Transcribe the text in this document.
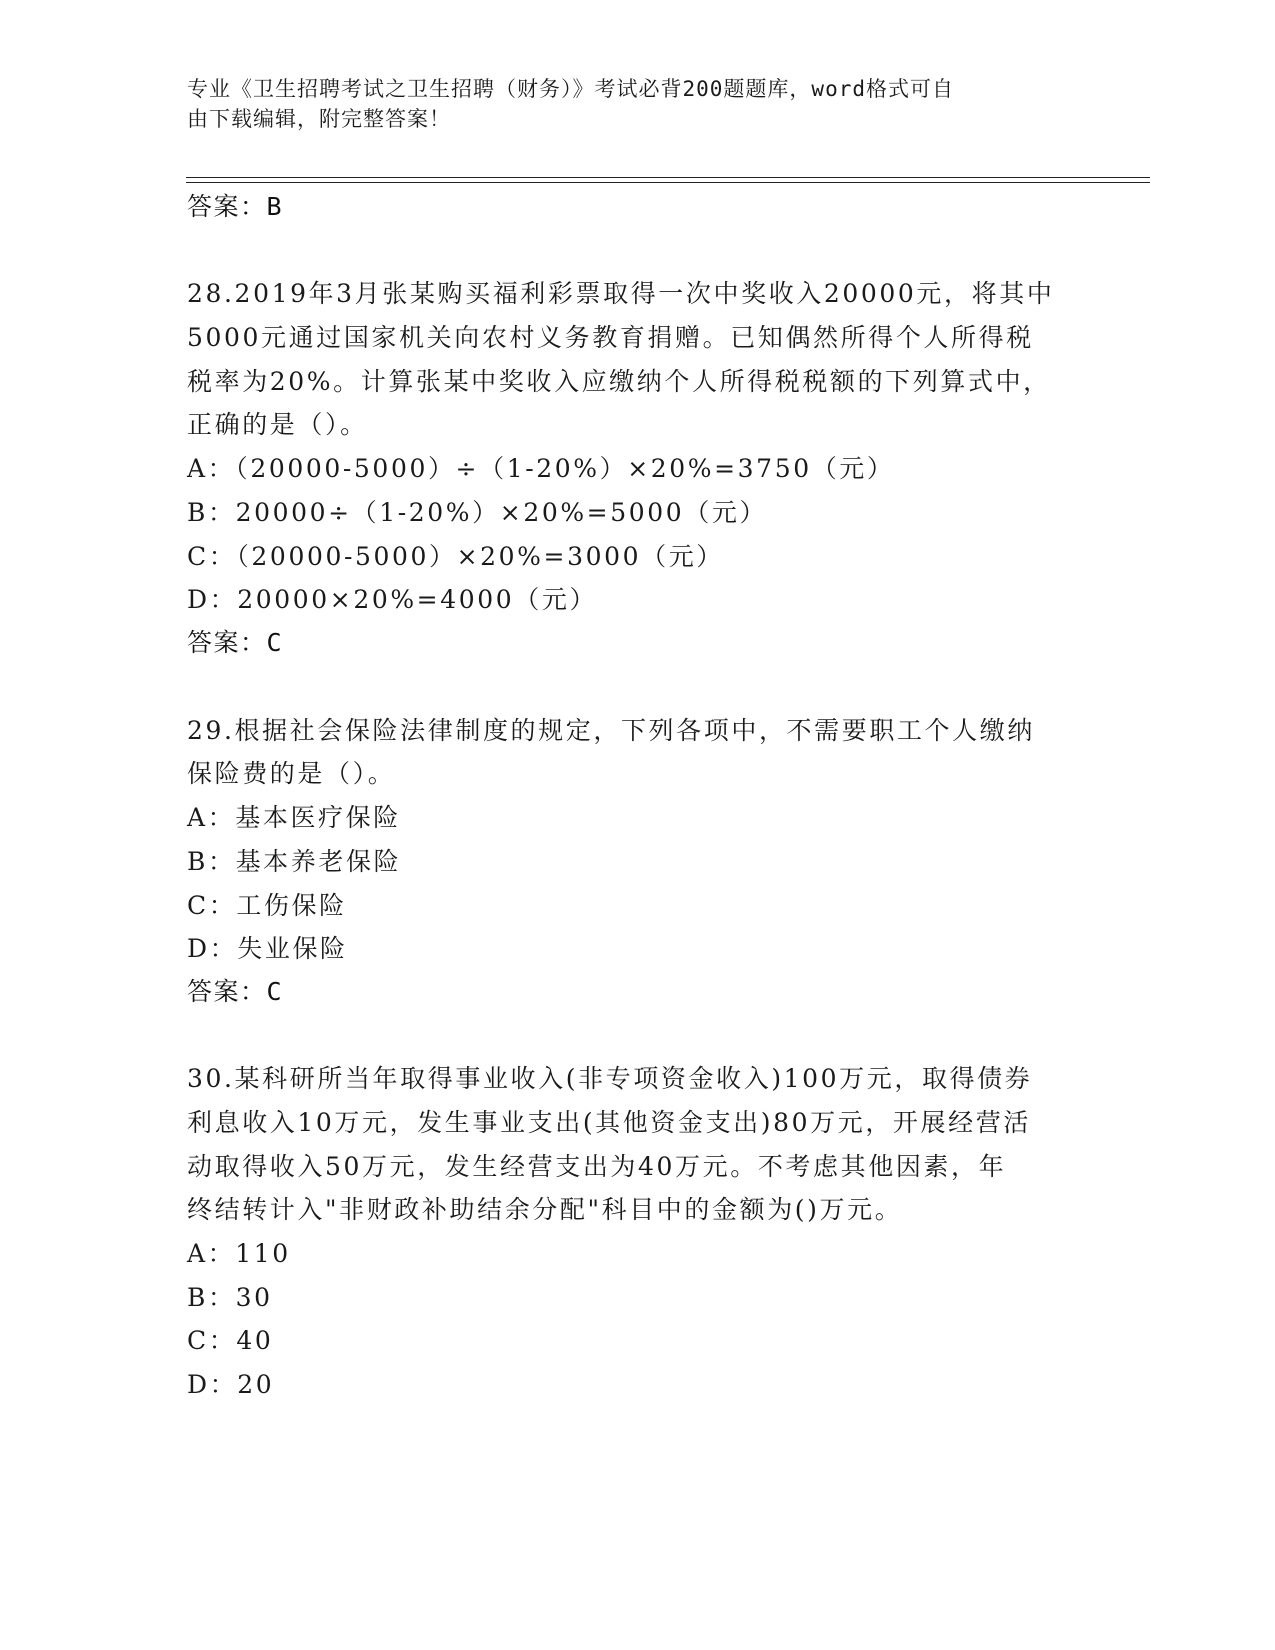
专业《卫生招聘考试之卫生招聘（财务）》考试必背200题题库，word格式可自
由下载编辑，附完整答案！
答案：B
28.2019年3月张某购买福利彩票取得一次中奖收入20000元，将其中
5000元通过国家机关向农村义务教育捐赠。已知偶然所得个人所得税
税率为20%。计算张某中奖收入应缴纳个人所得税税额的下列算式中，
正确的是（）。
A：（20000-5000）÷（1-20%）×20%=3750（元）
B：20000÷（1-20%）×20%=5000（元）
C：（20000-5000）×20%=3000（元）
D：20000×20%=4000（元）
答案：C
29.根据社会保险法律制度的规定，下列各项中，不需要职工个人缴纳
保险费的是（）。
A：基本医疗保险
B：基本养老保险
C：工伤保险
D：失业保险
答案：C
30.某科研所当年取得事业收入(非专项资金收入)100万元，取得债券
利息收入10万元，发生事业支出(其他资金支出)80万元，开展经营活
动取得收入50万元，发生经营支出为40万元。不考虑其他因素，年
终结转计入"非财政补助结余分配"科目中的金额为()万元。
A：110
B：30
C：40
D：20
